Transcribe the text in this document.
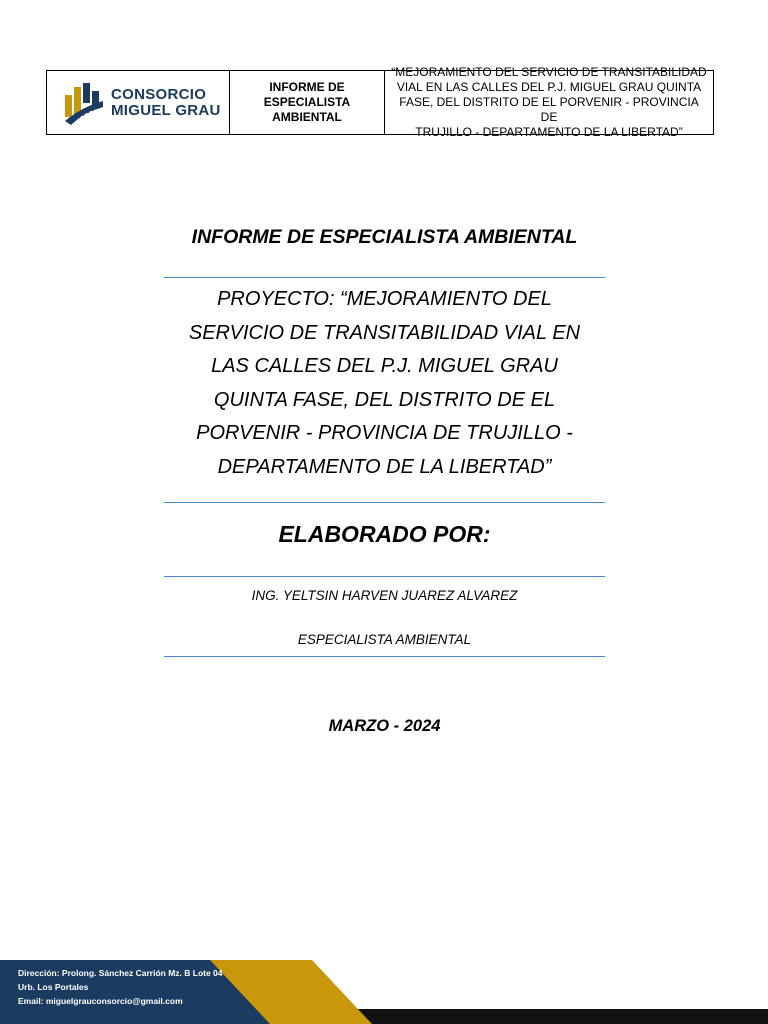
CONSORCIO
MIGUEL GRAU
INFORME DE
ESPECIALISTA
AMBIENTAL
“MEJORAMIENTO DEL SERVICIO DE TRANSITABILIDAD
VIAL EN LAS CALLES DEL P.J. MIGUEL GRAU QUINTA
FASE, DEL DISTRITO DE EL PORVENIR - PROVINCIA DE
TRUJILLO - DEPARTAMENTO DE LA LIBERTAD”
INFORME DE ESPECIALISTA AMBIENTAL
PROYECTO: “MEJORAMIENTO DEL
SERVICIO DE TRANSITABILIDAD VIAL EN
LAS CALLES DEL P.J. MIGUEL GRAU
QUINTA FASE, DEL DISTRITO DE EL
PORVENIR - PROVINCIA DE TRUJILLO -
DEPARTAMENTO DE LA LIBERTAD”
ELABORADO POR:
ING. YELTSIN HARVEN JUAREZ ALVAREZ
ESPECIALISTA AMBIENTAL
MARZO - 2024
Dirección: Prolong. Sánchez Carrión Mz. B Lote 04
Urb. Los Portales
Email: miguelgrauconsorcio@gmail.com
